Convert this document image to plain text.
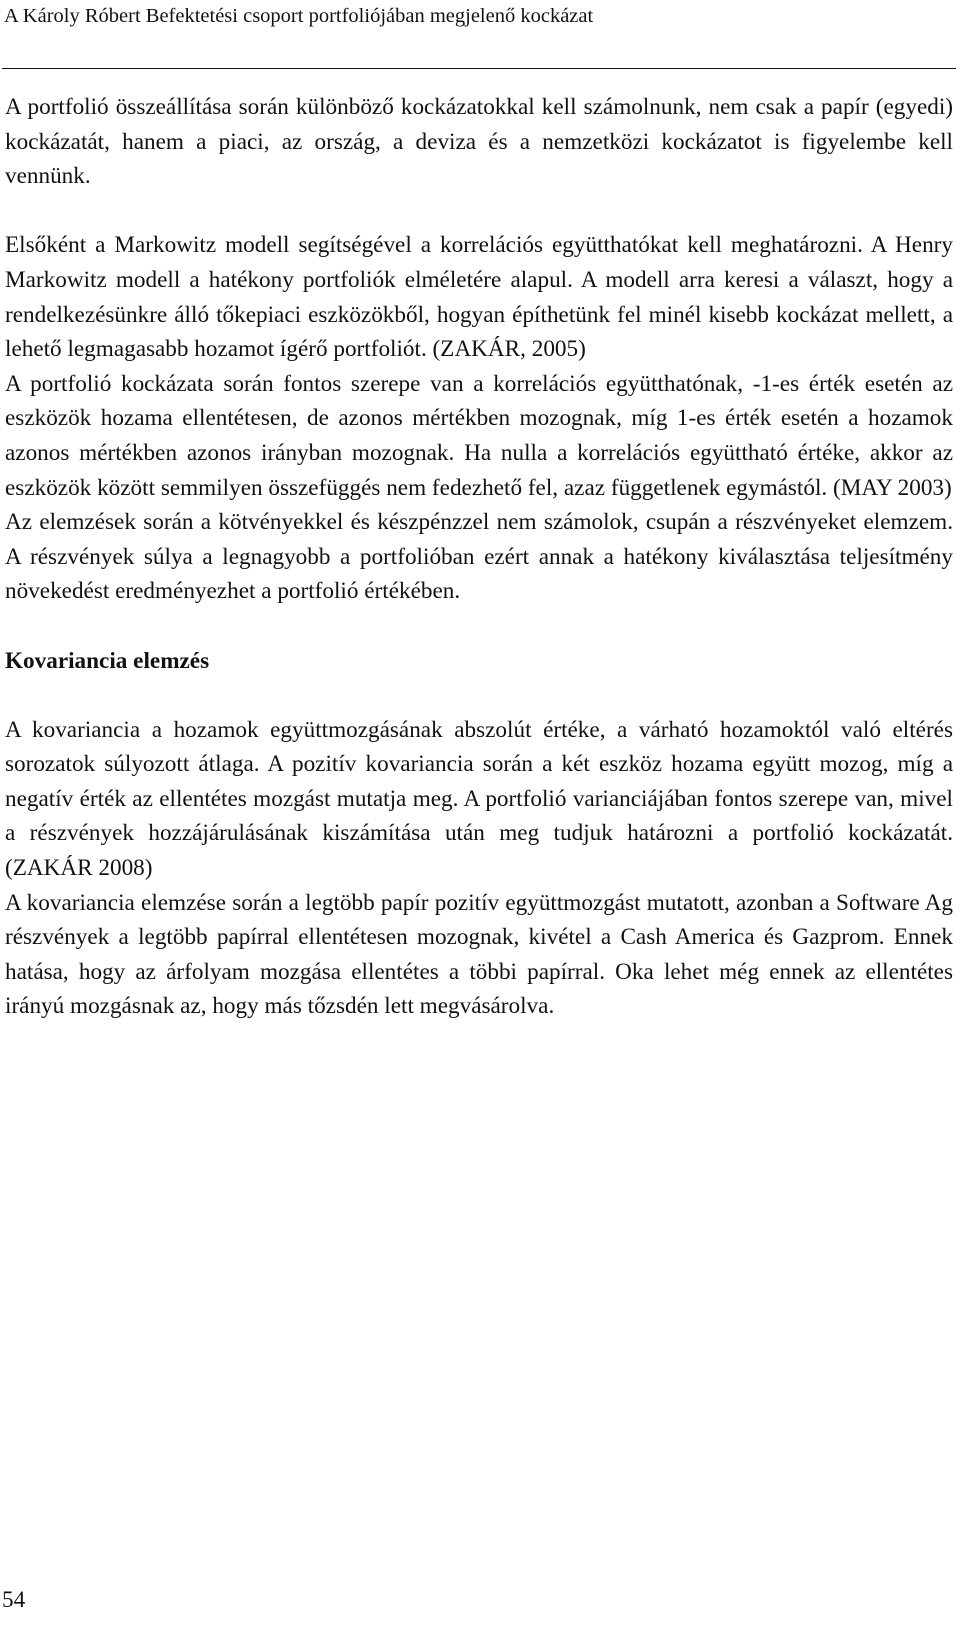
A Károly Róbert Befektetési csoport portfoliójában megjelenő kockázat

A portfolió összeállítása során különböző kockázatokkal kell számolnunk, nem csak a papír (egyedi) kockázatát, hanem a piaci, az ország, a deviza és a nemzetközi kockázatot is figyelembe kell vennünk.

Elsőként a Markowitz modell segítségével a korrelációs együtthatókat kell meghatározni. A Henry Markowitz modell a hatékony portfoliók elméletére alapul. A modell arra keresi a választ, hogy a rendelkezésünkre álló tőkepiaci eszközökből, hogyan építhetünk fel minél kisebb kockázat mellett, a lehető legmagasabb hozamot ígérő portfoliót. (ZAKÁR, 2005)

A portfolió kockázata során fontos szerepe van a korrelációs együtthatónak, -1-es érték esetén az eszközök hozama ellentétesen, de azonos mértékben mozognak, míg 1-es érték esetén a hozamok azonos mértékben azonos irányban mozognak. Ha nulla a korrelációs együttható értéke, akkor az eszközök között semmilyen összefüggés nem fedezhető fel, azaz függetlenek egymástól. (MAY 2003)

Az elemzések során a kötvényekkel és készpénzzel nem számolok, csupán a részvényeket elemzem. A részvények súlya a legnagyobb a portfolióban ezért annak a hatékony kiválasztása teljesítmény növekedést eredményezhet a portfolió értékében.

Kovariancia elemzés

A kovariancia a hozamok együttmozgásának abszolút értéke, a várható hozamoktól való eltérés sorozatok súlyozott átlaga. A pozitív kovariancia során a két eszköz hozama együtt mozog, míg a negatív érték az ellentétes mozgást mutatja meg. A portfolió varianciájában fontos szerepe van, mivel a részvények hozzájárulásának kiszámítása után meg tudjuk határozni a portfolió kockázatát. (ZAKÁR 2008)

A kovariancia elemzése során a legtöbb papír pozitív együttmozgást mutatott, azonban a Software Ag részvények a legtöbb papírral ellentétesen mozognak, kivétel a Cash America és Gazprom. Ennek hatása, hogy az árfolyam mozgása ellentétes a többi papírral. Oka lehet még ennek az ellentétes irányú mozgásnak az, hogy más tőzsdén lett megvásárolva.

54
